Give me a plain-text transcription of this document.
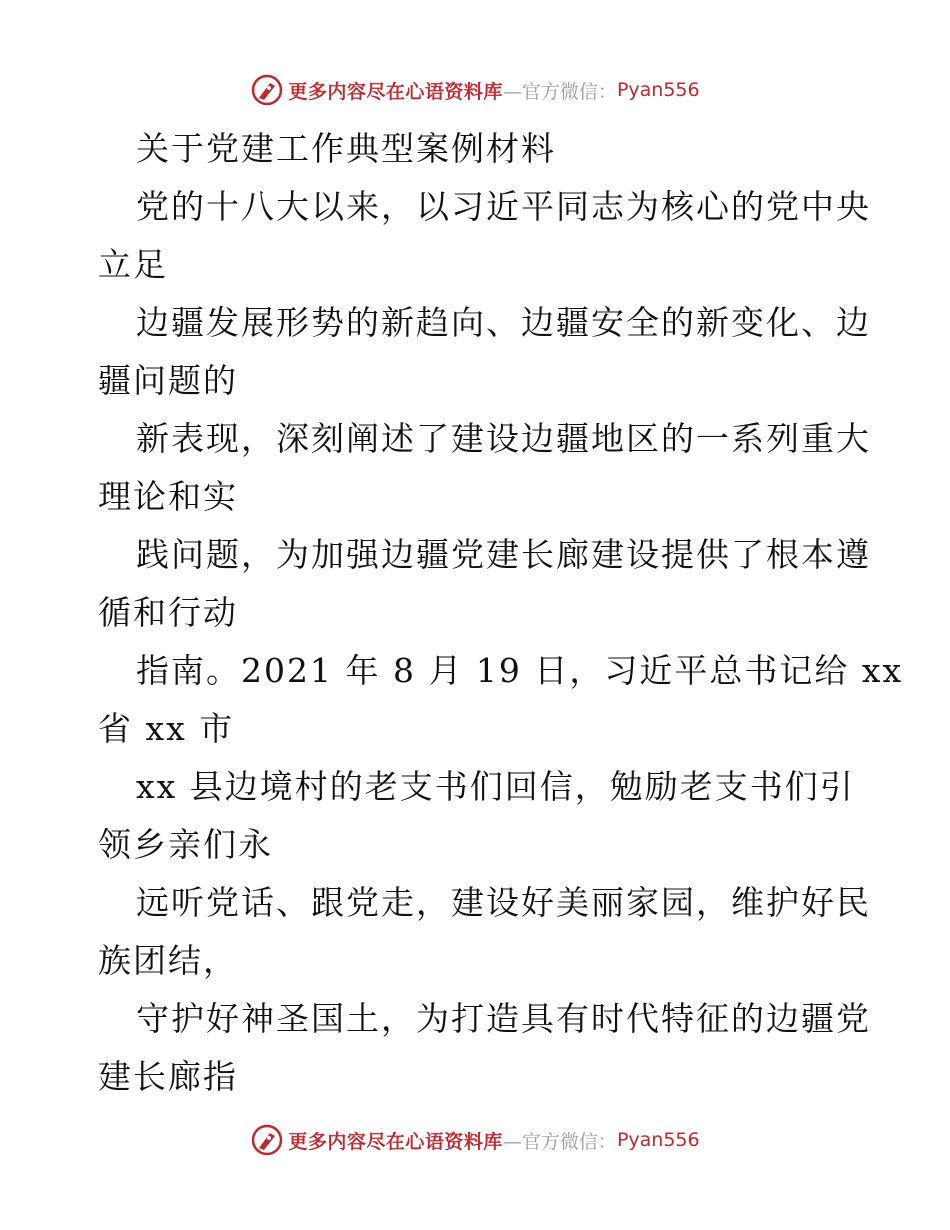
更多内容尽在心语资料库 —官方微信： Pyan556
关于党建工作典型案例材料
党的十八大以来，以习近平同志为核心的党中央
立足
边疆发展形势的新趋向、边疆安全的新变化、边
疆问题的
新表现，深刻阐述了建设边疆地区的一系列重大
理论和实
践问题，为加强边疆党建长廊建设提供了根本遵
循和行动
指南。2021 年 8 月 19 日，习近平总书记给 xx
省 xx 市
xx 县边境村的老支书们回信，勉励老支书们引
领乡亲们永
远听党话、跟党走，建设好美丽家园，维护好民
族团结，
守护好神圣国土，为打造具有时代特征的边疆党
建长廊指
更多内容尽在心语资料库 —官方微信： Pyan556
